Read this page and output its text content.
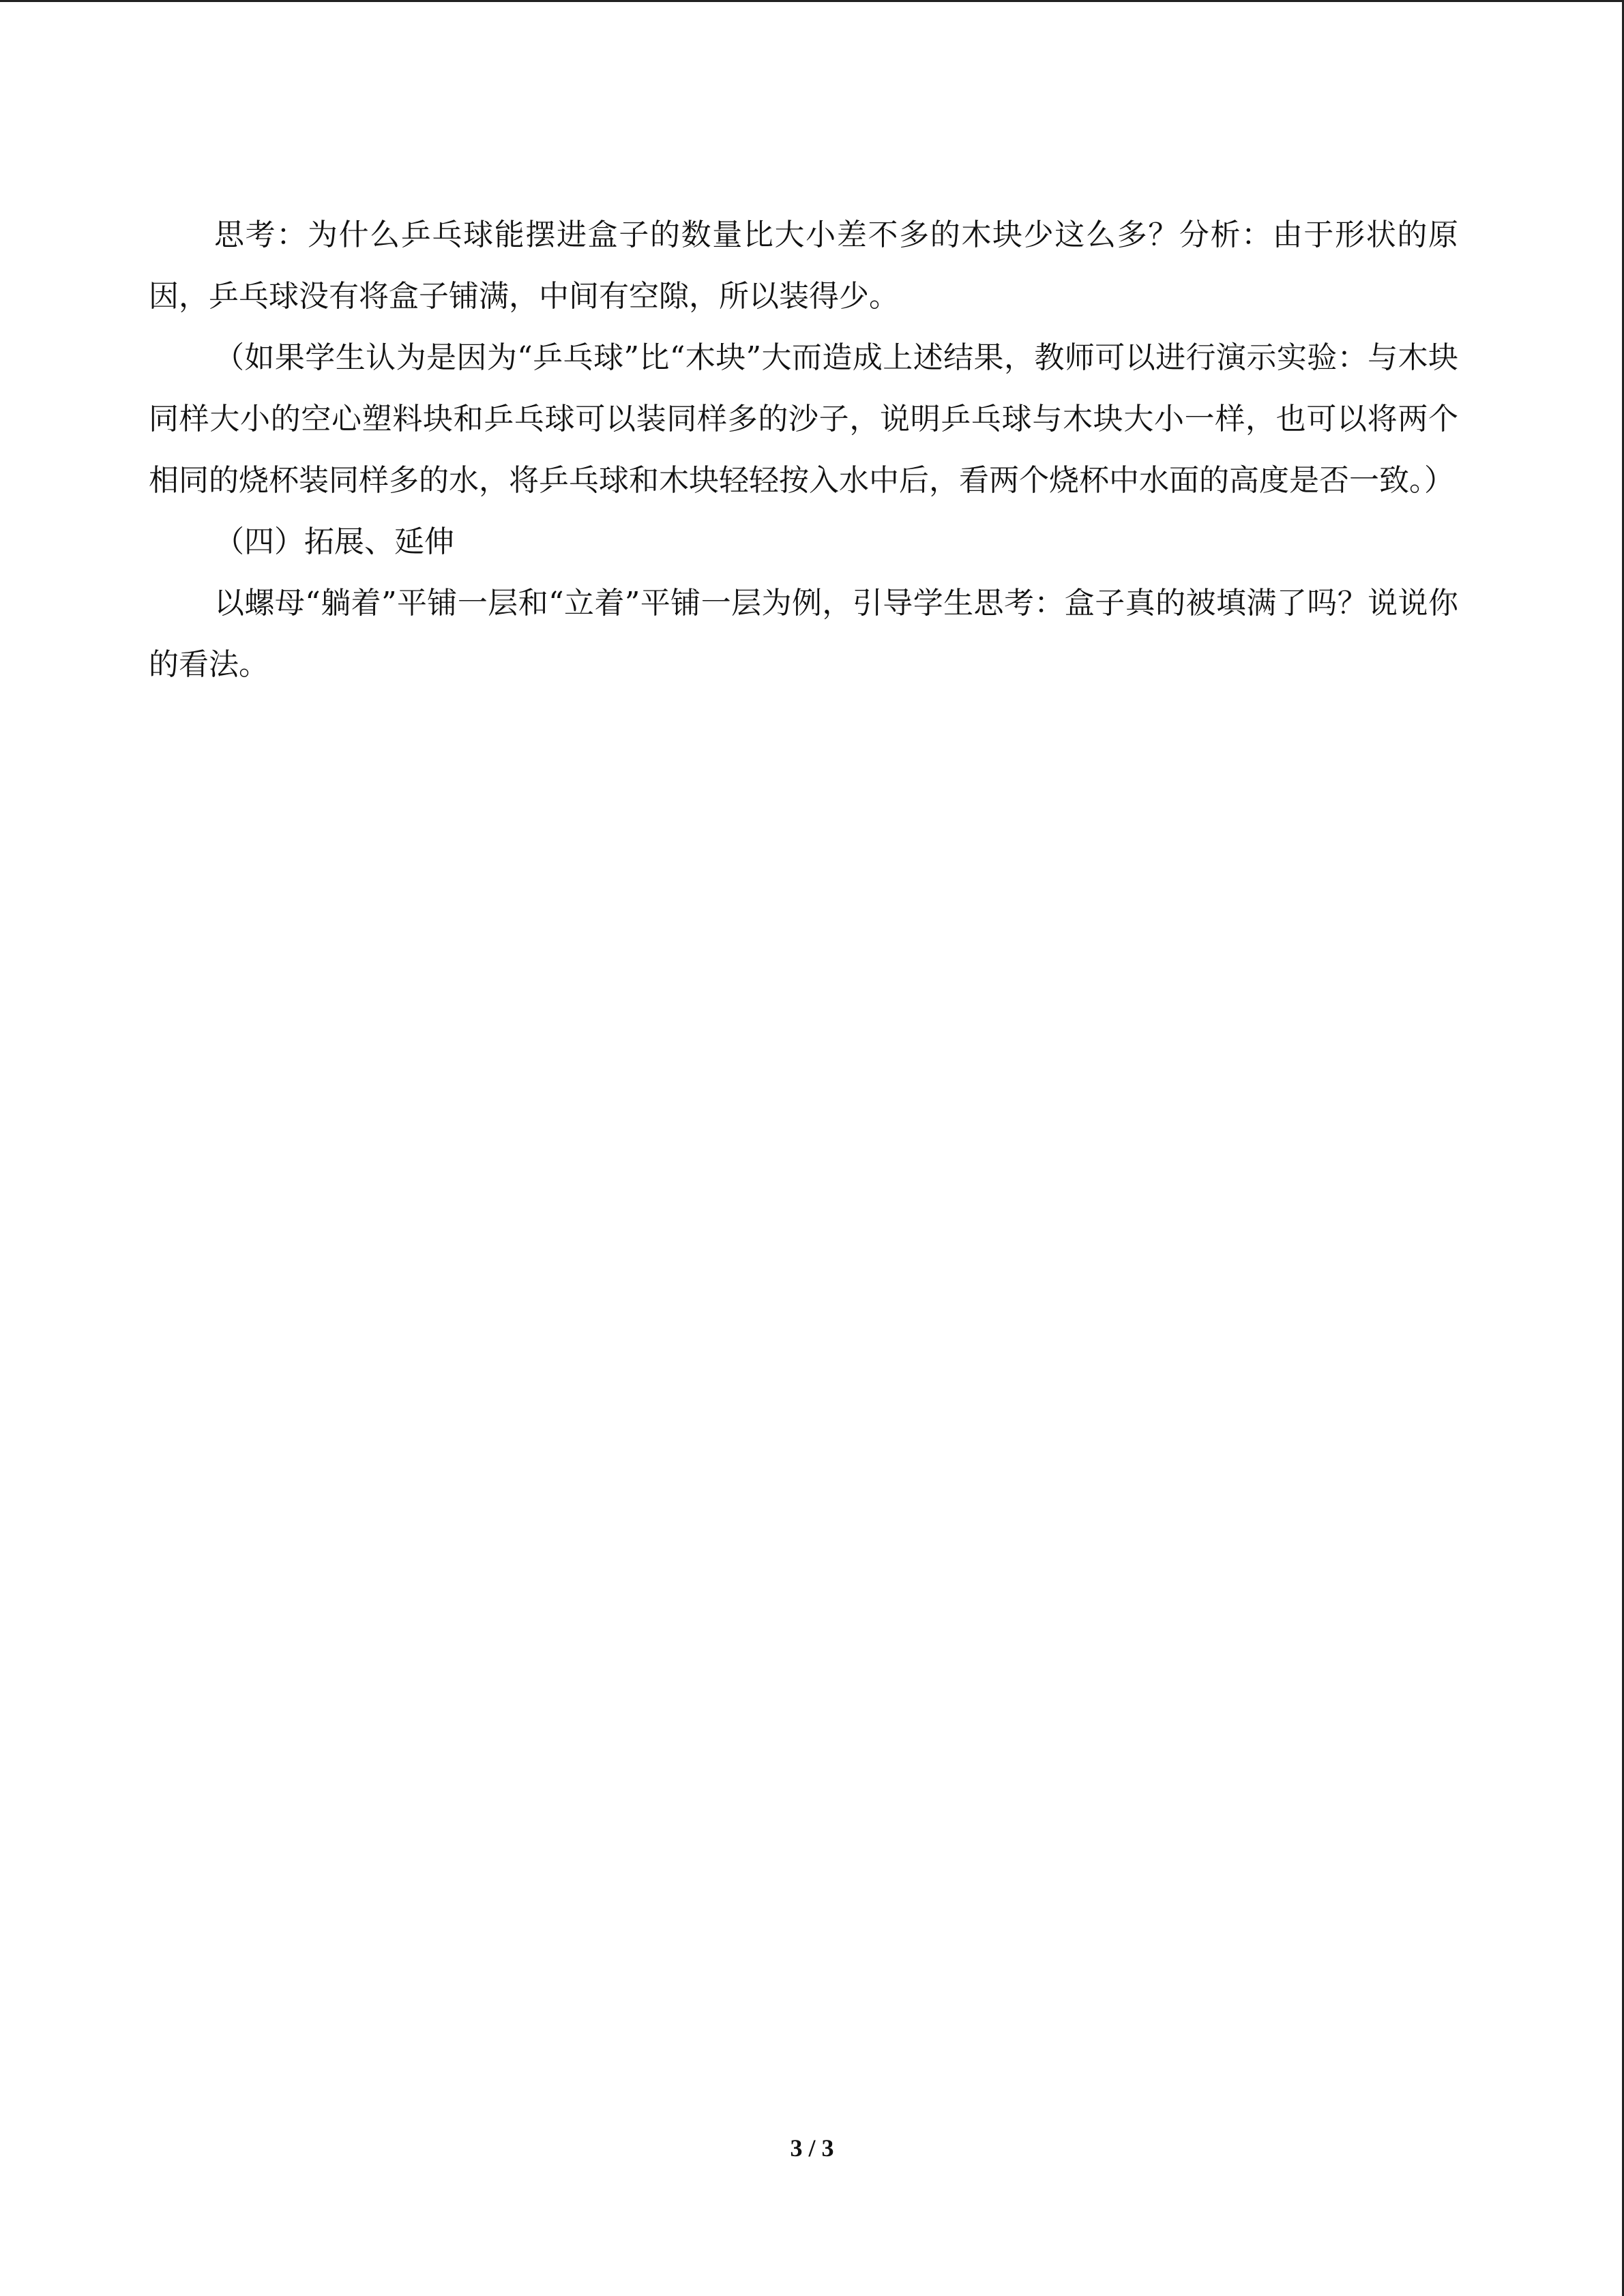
思考：为什么乒乓球能摆进盒子的数量比大小差不多的木块少这么多？分析：由于形状的原因，乒乓球没有将盒子铺满，中间有空隙，所以装得少。

（如果学生认为是因为“乒乓球”比“木块”大而造成上述结果，教师可以进行演示实验：与木块同样大小的空心塑料块和乒乓球可以装同样多的沙子，说明乒乓球与木块大小一样，也可以将两个相同的烧杯装同样多的水，将乒乓球和木块轻轻按入水中后，看两个烧杯中水面的高度是否一致。）

（四）拓展、延伸

以螺母“躺着”平铺一层和“立着”平铺一层为例，引导学生思考：盒子真的被填满了吗？说说你的看法。

3 / 3
